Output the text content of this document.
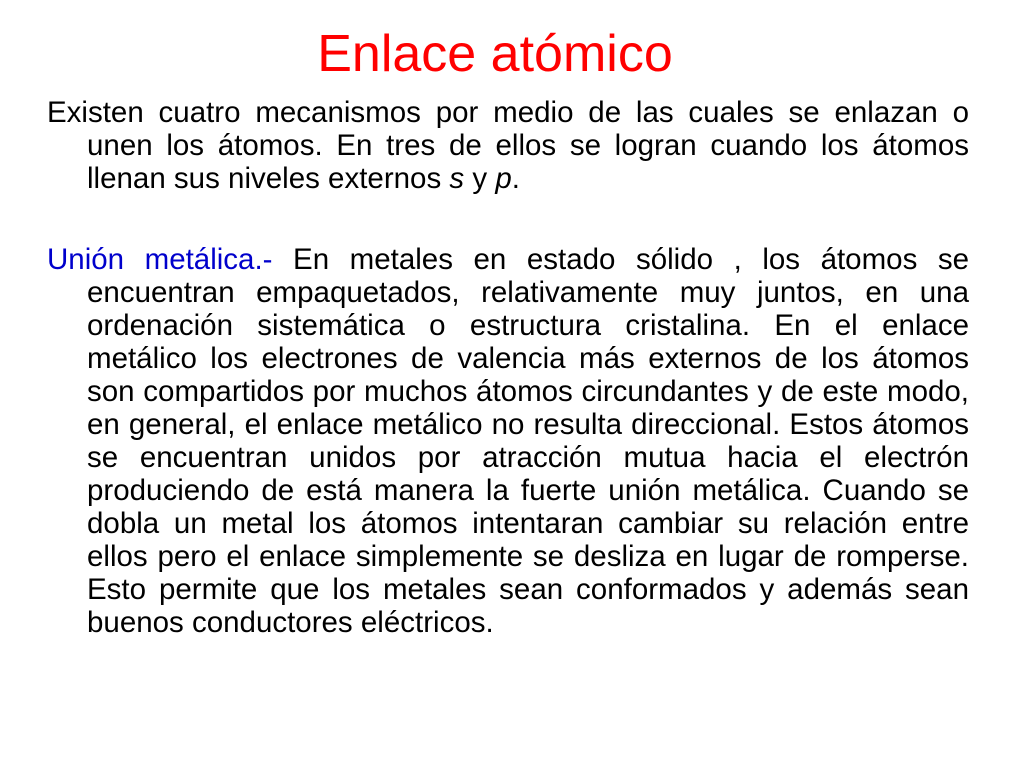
Enlace atómico

Existen cuatro mecanismos por medio de las cuales se enlazan o unen los átomos. En tres de ellos se logran cuando los átomos llenan sus niveles externos s y p.

Unión metálica.- En metales en estado sólido , los átomos se encuentran empaquetados, relativamente muy juntos, en una ordenación sistemática o estructura cristalina. En el enlace metálico los electrones de valencia más externos de los átomos son compartidos por muchos átomos circundantes y de este modo, en general, el enlace metálico no resulta direccional. Estos átomos se encuentran unidos por atracción mutua hacia el electrón produciendo de está manera la fuerte unión metálica. Cuando se dobla un metal los átomos intentaran cambiar su relación entre ellos pero el enlace simplemente se desliza en lugar de romperse. Esto permite que los metales sean conformados y además sean buenos conductores eléctricos.
